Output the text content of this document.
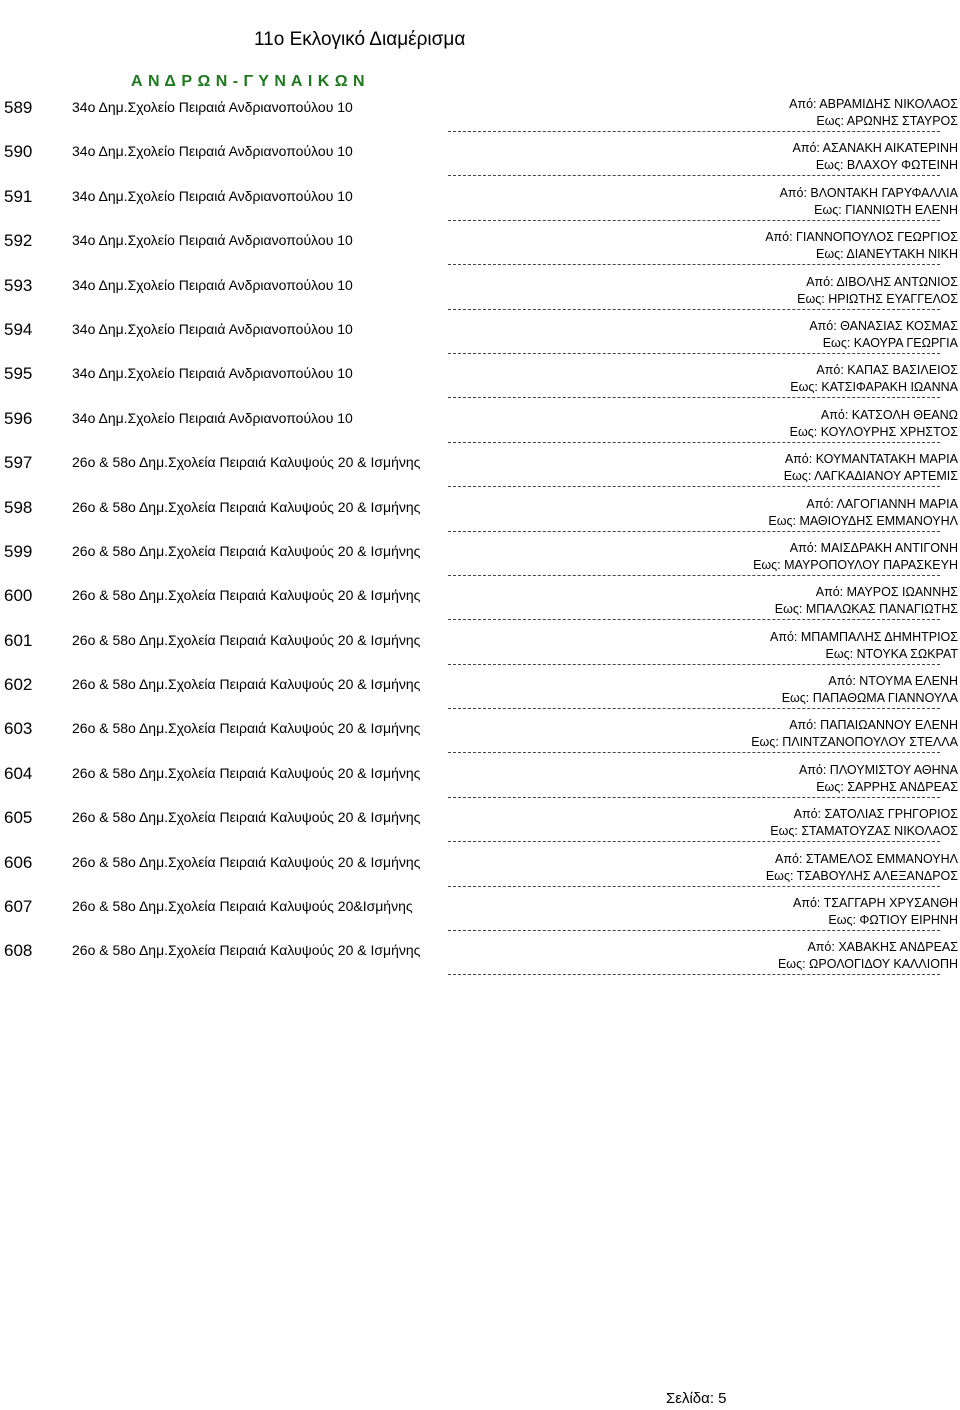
11ο Εκλογικό Διαμέρισμα
Α Ν Δ Ρ Ω Ν - Γ Υ Ν Α Ι Κ Ω Ν
589	34ο Δημ.Σχολείο Πειραιά Ανδριανοπούλου 10	Από: ΑΒΡΑΜΙΔΗΣ ΝΙΚΟΛΑΟΣ
Εως: ΑΡΩΝΗΣ ΣΤΑΥΡΟΣ
590	34ο Δημ.Σχολείο Πειραιά Ανδριανοπούλου 10	Από: ΑΣΑΝΑΚΗ ΑΙΚΑΤΕΡΙΝΗ
Εως: ΒΛΑΧΟΥ ΦΩΤΕΙΝΗ
591	34ο Δημ.Σχολείο Πειραιά Ανδριανοπούλου 10	Από: ΒΛΟΝΤΑΚΗ ΓΑΡΥΦΑΛΛΙΑ
Εως: ΓΙΑΝΝΙΩΤΗ ΕΛΕΝΗ
592	34ο Δημ.Σχολείο Πειραιά Ανδριανοπούλου 10	Από: ΓΙΑΝΝΟΠΟΥΛΟΣ ΓΕΩΡΓΙΟΣ
Εως: ΔΙΑΝΕΥΤΑΚΗ ΝΙΚΗ
593	34ο Δημ.Σχολείο Πειραιά Ανδριανοπούλου 10	Από: ΔΙΒΟΛΗΣ ΑΝΤΩΝΙΟΣ
Εως: ΗΡΙΩΤΗΣ ΕΥΑΓΓΕΛΟΣ
594	34ο Δημ.Σχολείο Πειραιά Ανδριανοπούλου 10	Από: ΘΑΝΑΣΙΑΣ ΚΟΣΜΑΣ
Εως: ΚΑΟΥΡΑ ΓΕΩΡΓΙΑ
595	34ο Δημ.Σχολείο Πειραιά Ανδριανοπούλου 10	Από: ΚΑΠΑΣ ΒΑΣΙΛΕΙΟΣ
Εως: ΚΑΤΣΙΦΑΡΑΚΗ ΙΩΑΝΝΑ
596	34ο Δημ.Σχολείο Πειραιά Ανδριανοπούλου 10	Από: ΚΑΤΣΟΛΗ ΘΕΑΝΩ
Εως: ΚΟΥΛΟΥΡΗΣ ΧΡΗΣΤΟΣ
597	26ο & 58ο Δημ.Σχολεία Πειραιά Καλυψούς 20 & Ισμήνης	Από: ΚΟΥΜΑΝΤΑΤΑΚΗ ΜΑΡΙΑ
Εως: ΛΑΓΚΑΔΙΑΝΟΥ ΑΡΤΕΜΙΣ
598	26ο & 58ο Δημ.Σχολεία Πειραιά Καλυψούς 20 & Ισμήνης	Από: ΛΑΓΟΓΙΑΝΝΗ ΜΑΡΙΑ
Εως: ΜΑΘΙΟΥΔΗΣ ΕΜΜΑΝΟΥΗΛ
599	26ο & 58ο Δημ.Σχολεία Πειραιά Καλυψούς 20 & Ισμήνης	Από: ΜΑΙΣΔΡΑΚΗ ΑΝΤΙΓΟΝΗ
Εως: ΜΑΥΡΟΠΟΥΛΟΥ ΠΑΡΑΣΚΕΥΗ
600	26ο & 58ο Δημ.Σχολεία Πειραιά Καλυψούς 20 & Ισμήνης	Από: ΜΑΥΡΟΣ ΙΩΑΝΝΗΣ
Εως: ΜΠΑΛΩΚΑΣ ΠΑΝΑΓΙΩΤΗΣ
601	26ο & 58ο Δημ.Σχολεία Πειραιά Καλυψούς 20 & Ισμήνης	Από: ΜΠΑΜΠΑΛΗΣ ΔΗΜΗΤΡΙΟΣ
Εως: ΝΤΟΥΚΑ ΣΩΚΡΑΤ
602	26ο & 58ο Δημ.Σχολεία Πειραιά Καλυψούς 20 & Ισμήνης	Από: ΝΤΟΥΜΑ ΕΛΕΝΗ
Εως: ΠΑΠΑΘΩΜΑ ΓΙΑΝΝΟΥΛΑ
603	26ο & 58ο Δημ.Σχολεία Πειραιά Καλυψούς 20 & Ισμήνης	Από: ΠΑΠΑΙΩΑΝΝΟΥ ΕΛΕΝΗ
Εως: ΠΛΙΝΤΖΑΝΟΠΟΥΛΟΥ ΣΤΕΛΛΑ
604	26ο & 58ο Δημ.Σχολεία Πειραιά Καλυψούς 20 & Ισμήνης	Από: ΠΛΟΥΜΙΣΤΟΥ ΑΘΗΝΑ
Εως: ΣΑΡΡΗΣ ΑΝΔΡΕΑΣ
605	26ο & 58ο Δημ.Σχολεία Πειραιά Καλυψούς 20 & Ισμήνης	Από: ΣΑΤΟΛΙΑΣ ΓΡΗΓΟΡΙΟΣ
Εως: ΣΤΑΜΑΤΟΥΖΑΣ ΝΙΚΟΛΑΟΣ
606	26ο & 58ο Δημ.Σχολεία Πειραιά Καλυψούς 20 & Ισμήνης	Από: ΣΤΑΜΕΛΟΣ ΕΜΜΑΝΟΥΗΛ
Εως: ΤΣΑΒΟΥΛΗΣ ΑΛΕΞΑΝΔΡΟΣ
607	26ο & 58ο Δημ.Σχολεία Πειραιά Καλυψούς 20&Ισμήνης	Από: ΤΣΑΓΓΑΡΗ ΧΡΥΣΑΝΘΗ
Εως: ΦΩΤΙΟΥ ΕΙΡΗΝΗ
608	26ο & 58ο Δημ.Σχολεία Πειραιά Καλυψούς 20 & Ισμήνης	Από: ΧΑΒΑΚΗΣ ΑΝΔΡΕΑΣ
Εως: ΩΡΟΛΟΓΙΔΟΥ ΚΑΛΛΙΟΠΗ
Σελίδα: 5
